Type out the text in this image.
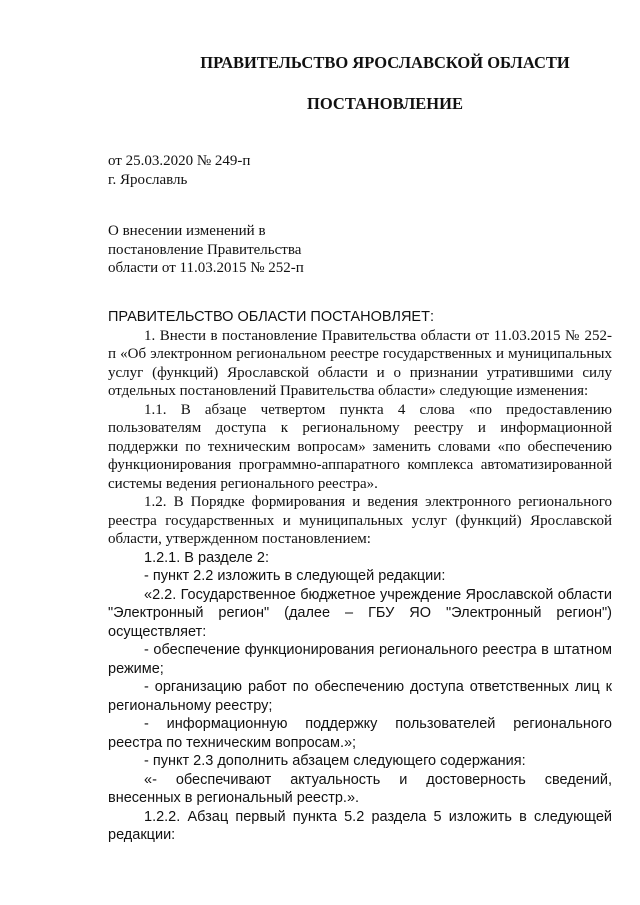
ПРАВИТЕЛЬСТВО ЯРОСЛАВСКОЙ ОБЛАСТИ
ПОСТАНОВЛЕНИЕ
от 25.03.2020 № 249-п
г. Ярославль
О внесении изменений в
постановление Правительства
области от 11.03.2015 № 252-п

ПРАВИТЕЛЬСТВО ОБЛАСТИ ПОСТАНОВЛЯЕТ:

1. Внести в постановление Правительства области от 11.03.2015 № 252-п «Об электронном региональном реестре государственных и муниципальных услуг (функций) Ярославской области и о признании утратившими силу отдельных постановлений Правительства области» следующие изменения:

1.1. В абзаце четвертом пункта 4 слова «по предоставлению пользователям доступа к региональному реестру и информационной поддержки по техническим вопросам» заменить словами «по обеспечению функционирования программно-аппаратного комплекса автоматизированной системы ведения регионального реестра».

1.2. В Порядке формирования и ведения электронного регионального реестра государственных и муниципальных услуг (функций) Ярославской области, утвержденном постановлением:

1.2.1. В разделе 2:

- пункт 2.2 изложить в следующей редакции:

«2.2. Государственное бюджетное учреждение Ярославской области "Электронный регион" (далее – ГБУ ЯО "Электронный регион") осуществляет:

- обеспечение функционирования регионального реестра в штатном режиме;

- организацию работ по обеспечению доступа ответственных лиц к региональному реестру;

- информационную поддержку пользователей регионального реестра по техническим вопросам.»;

- пункт 2.3 дополнить абзацем следующего содержания:

«- обеспечивают актуальность и достоверность сведений, внесенных в региональный реестр.».

1.2.2. Абзац первый пункта 5.2 раздела 5 изложить в следующей редакции:
